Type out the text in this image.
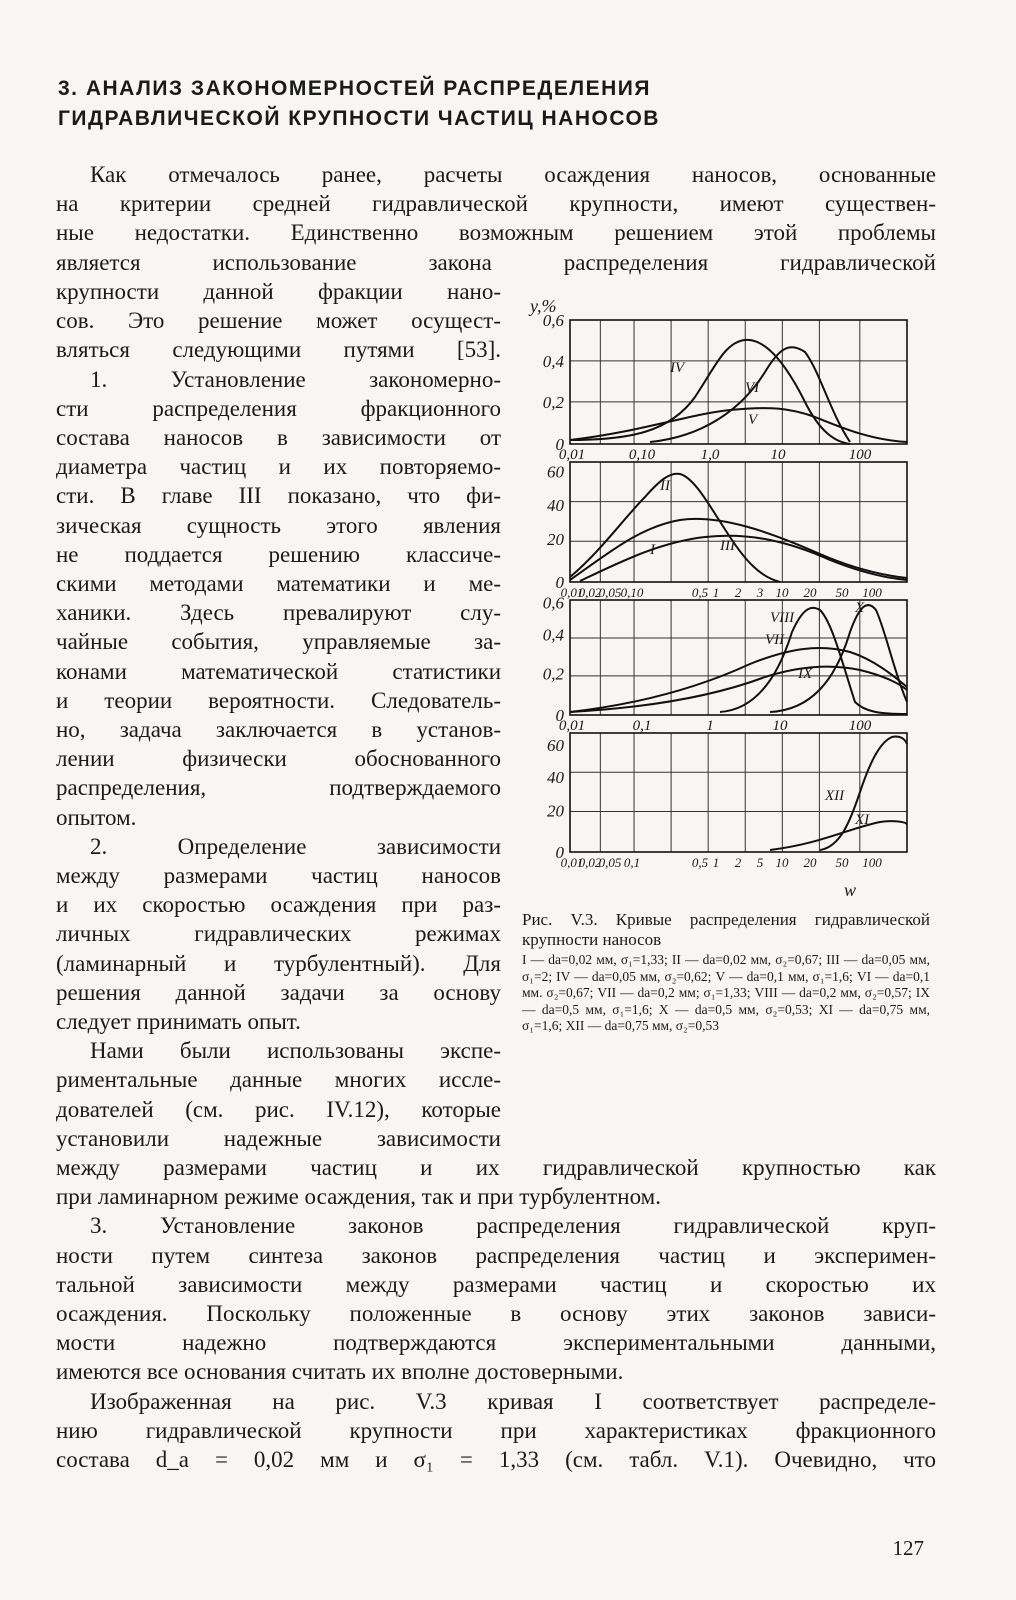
3. АНАЛИЗ ЗАКОНОМЕРНОСТЕЙ РАСПРЕДЕЛЕНИЯ
ГИДРАВЛИЧЕСКОЙ КРУПНОСТИ ЧАСТИЦ НАНОСОВ

Как отмечалось ранее, расчеты осаждения наносов, основанные
на критерии средней гидравлической крупности, имеют существен-
ные недостатки. Единственно возможным решением этой проблемы
является использование закона распределения гидравлической

крупности данной фракции нано-
сов. Это решение может осущест-
вляться следующими путями [53].

1. Установление закономерно-
сти распределения фракционного
состава наносов в зависимости от
диаметра частиц и их повторяемо-
сти. В главе III показано, что фи-
зическая сущность этого явления
не поддается решению классиче-
скими методами математики и ме-
ханики. Здесь превалируют слу-
чайные события, управляемые за-
конами математической статистики
и теории вероятности. Следователь-
но, задача заключается в установ-
лении физически обоснованного
распределения, подтверждаемого
опытом.

2. Определение зависимости
между размерами частиц наносов
и их скоростью осаждения при раз-
личных гидравлических режимах
(ламинарный и турбулентный). Для
решения данной задачи за основу
следует принимать опыт.

Нами были использованы экспе-
риментальные данные многих иссле-
дователей (см. рис. IV.12), которые
установили надежные зависимости

между размерами частиц и их гидравлической крупностью как
при ламинарном режиме осаждения, так и при турбулентном.

3. Установление законов распределения гидравлической круп-
ности путем синтеза законов распределения частиц и эксперимен-
тальной зависимости между размерами частиц и скоростью их
осаждения. Поскольку положенные в основу этих законов зависи-
мости надежно подтверждаются экспериментальными данными,
имеются все основания считать их вполне достоверными.

Изображенная на рис. V.3 кривая I соответствует распределе-
нию гидравлической крупности при характеристиках фракционного
состава d_a = 0,02 мм и σ₁ = 1,33 (см. табл. V.1). Очевидно, что

0,6
0,4
0,2
0
0,01	0,10	1,0	10	100
IV
VI
V
60
40
20
0
0,01
0,02
0,05 0,10	0,5 1 2 3 10 20 50 100
II
I	III
0,6
0,4
0,2
0
0,01	0,1	1	10	100
VIII
X
VII
IX
60
40
20
0
0,01
0,02
0,05 0,1	0,5 1 2 5 10 20 50 100
XII
XI
y,%
w
Рис. V.3. Кривые распределения гидравлической крупности наносов
I — da=0,02 мм, σ₁=1,33; II — da=0,02 мм, σ₂=0,67; III — da=0,05 мм, σ₁=2; IV — da=0,05 мм, σ₂=0,62; V — da=0,1 мм, σ₁=1,6; VI — da=0,1 мм. σ₂=0,67; VII — da=0,2 мм; σ₁=1,33; VIII — da=0,2 мм, σ₂=0,57; IX — da=0,5 мм, σ₁=1,6; X — da=0,5 мм, σ₂=0,53; XI — da=0,75 мм, σ₁=1,6; XII — da=0,75 мм, σ₂=0,53
127
